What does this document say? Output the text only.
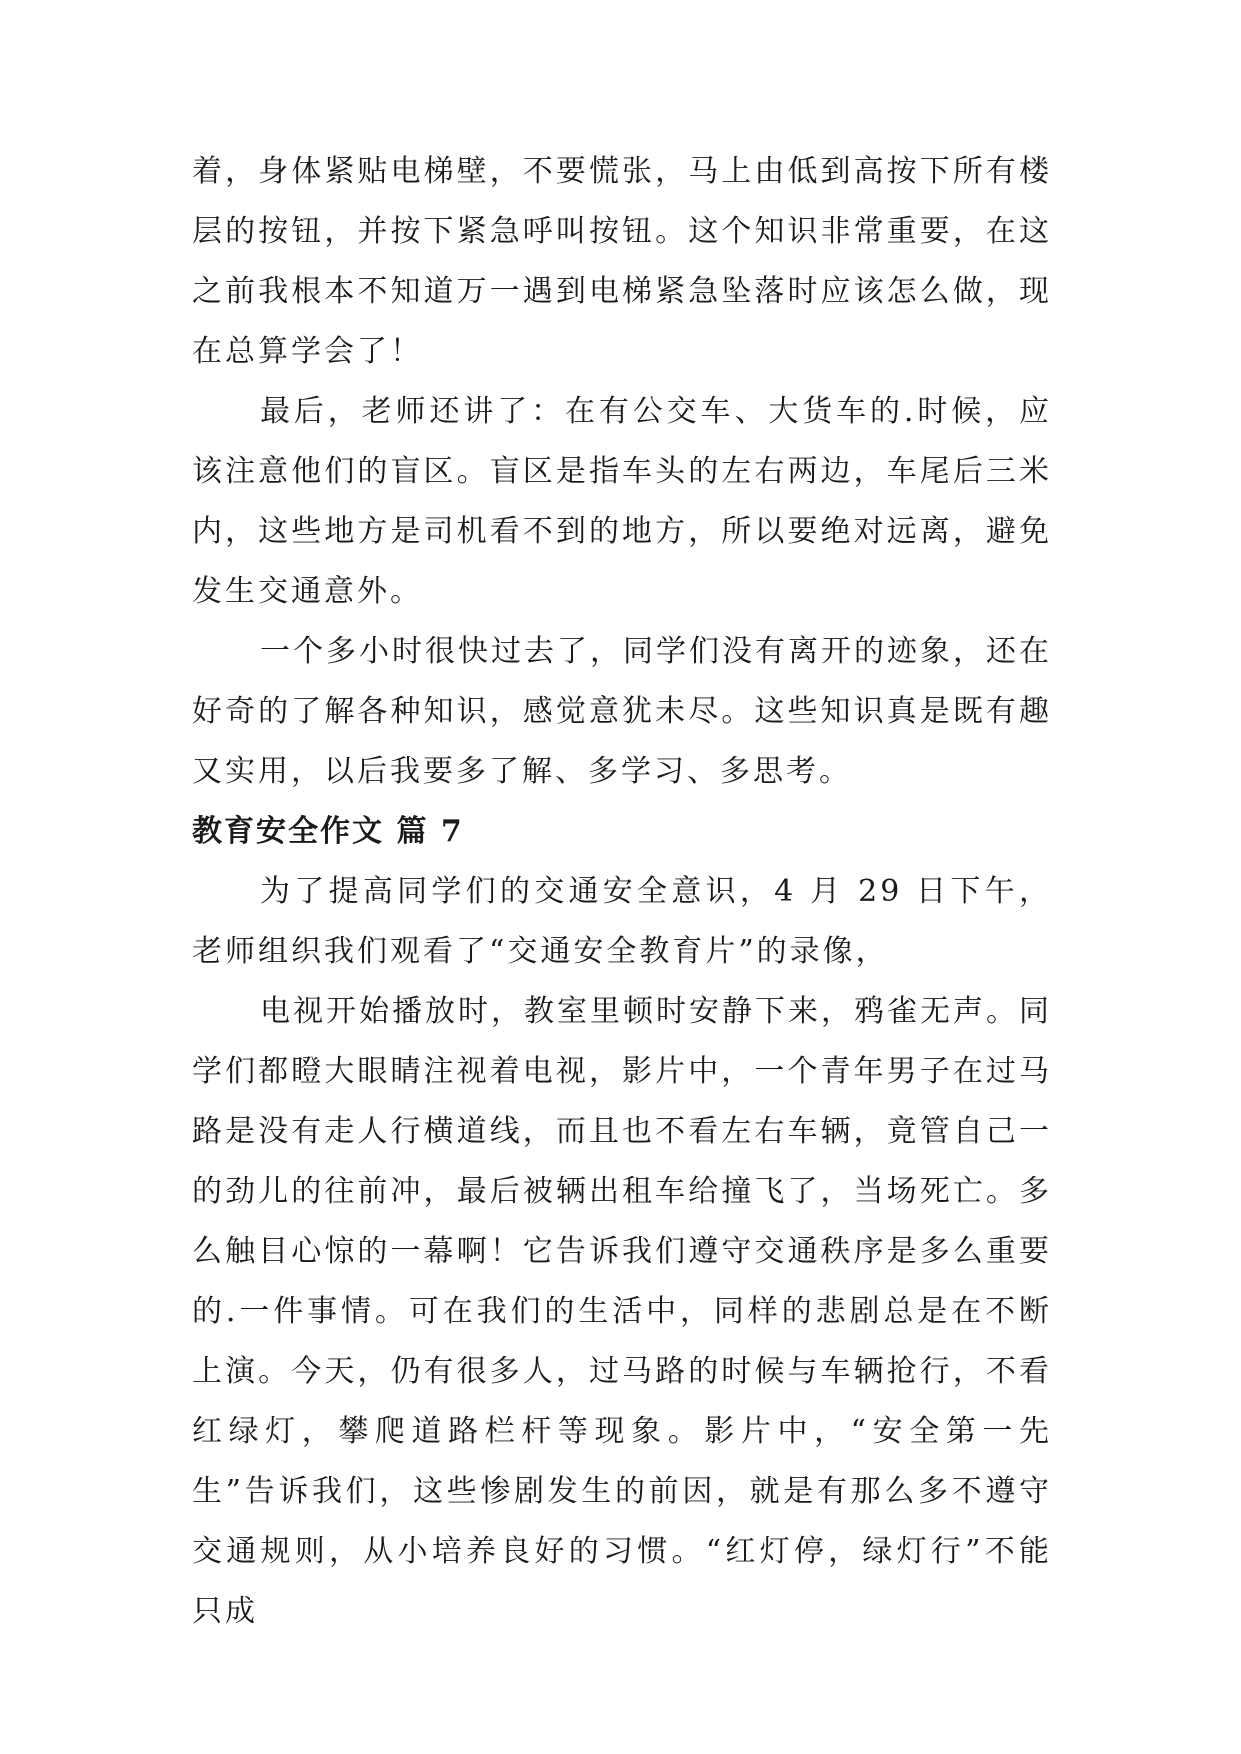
着，身体紧贴电梯壁，不要慌张，马上由低到高按下所有楼层的按钮，并按下紧急呼叫按钮。这个知识非常重要，在这之前我根本不知道万一遇到电梯紧急坠落时应该怎么做，现在总算学会了！

最后，老师还讲了：在有公交车、大货车的.时候，应该注意他们的盲区。盲区是指车头的左右两边，车尾后三米内，这些地方是司机看不到的地方，所以要绝对远离，避免发生交通意外。

一个多小时很快过去了，同学们没有离开的迹象，还在好奇的了解各种知识，感觉意犹未尽。这些知识真是既有趣又实用，以后我要多了解、多学习、多思考。

教育安全作文 篇 7

为了提高同学们的交通安全意识，4 月 29 日下午，老师组织我们观看了“交通安全教育片”的录像，

电视开始播放时，教室里顿时安静下来，鸦雀无声。同学们都瞪大眼睛注视着电视，影片中，一个青年男子在过马路是没有走人行横道线，而且也不看左右车辆，竟管自己一的劲儿的往前冲，最后被辆出租车给撞飞了，当场死亡。多么触目心惊的一幕啊！它告诉我们遵守交通秩序是多么重要的.一件事情。可在我们的生活中，同样的悲剧总是在不断上演。今天，仍有很多人，过马路的时候与车辆抢行，不看红绿灯，攀爬道路栏杆等现象。影片中，“安全第一先生”告诉我们，这些惨剧发生的前因，就是有那么多不遵守交通规则，从小培养良好的习惯。“红灯停，绿灯行”不能只成
